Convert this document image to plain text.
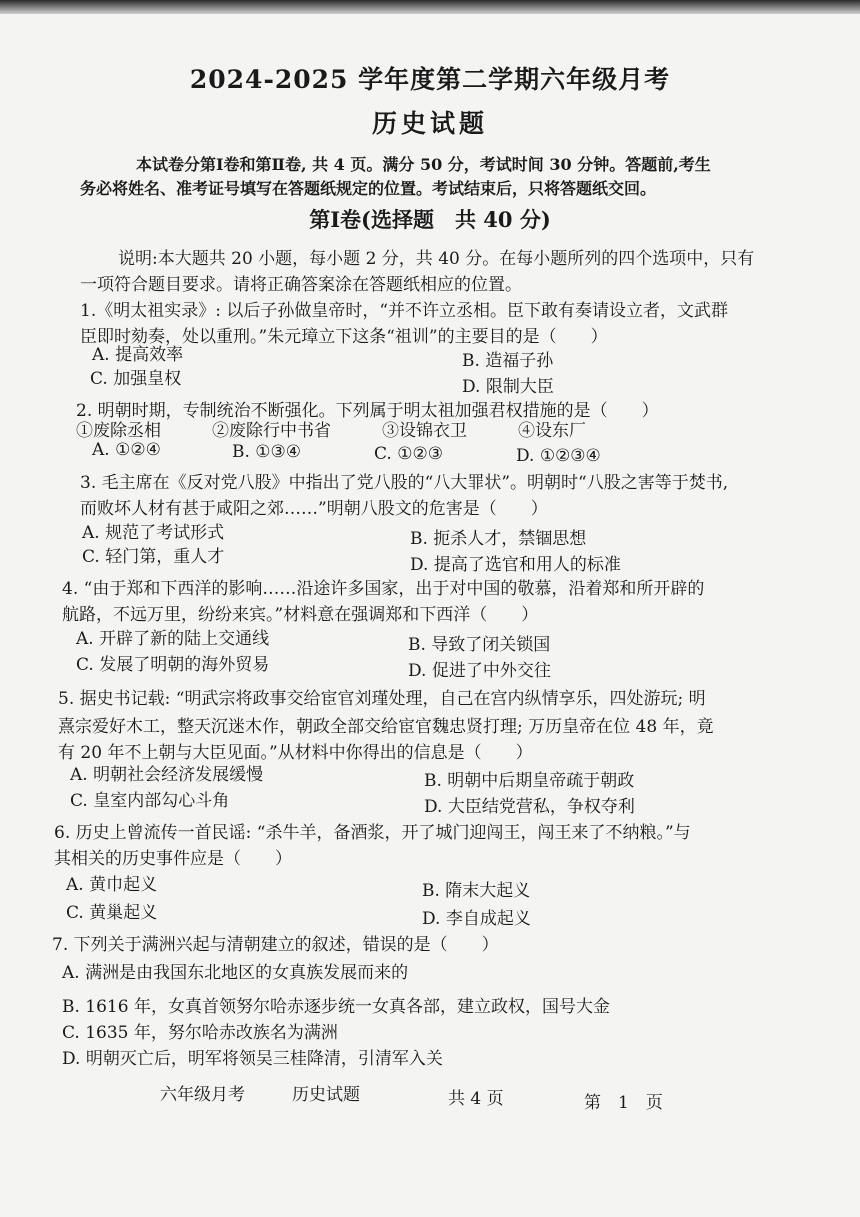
2024-2025 学年度第二学期六年级月考
历史试题
本试卷分第Ⅰ卷和第Ⅱ卷, 共 4 页。满分 50 分，考试时间 30 分钟。答题前,考生
务必将姓名、准考证号填写在答题纸规定的位置。考试结束后，只将答题纸交回。
第Ⅰ卷(选择题　共 40 分)
说明:本大题共 20 小题，每小题 2 分，共 40 分。在每小题所列的四个选项中，只有
一项符合题目要求。请将正确答案涂在答题纸相应的位置。
1.《明太祖实录》: 以后子孙做皇帝时，“并不许立丞相。臣下敢有奏请设立者，文武群
臣即时劾奏，处以重刑。”朱元璋立下这条“祖训”的主要目的是（　　）
A. 提高效率	B. 造福子孙
C. 加强皇权	D. 限制大臣
2. 明朝时期，专制统治不断强化。下列属于明太祖加强君权措施的是（　　）
①废除丞相　　　②废除行中书省　　　③设锦衣卫　　　④设东厂
A. ①②④	B. ①③④	C. ①②③	D. ①②③④
3. 毛主席在《反对党八股》中指出了党八股的“八大罪状”。明朝时“八股之害等于焚书,
而败坏人材有甚于咸阳之郊……”明朝八股文的危害是（　　）
A. 规范了考试形式	B. 扼杀人才，禁锢思想
C. 轻门第，重人才	D. 提高了选官和用人的标准
4. “由于郑和下西洋的影响……沿途许多国家，出于对中国的敬慕，沿着郑和所开辟的
航路，不远万里，纷纷来宾。”材料意在强调郑和下西洋（　　）
A. 开辟了新的陆上交通线	B. 导致了闭关锁国
C. 发展了明朝的海外贸易	D. 促进了中外交往
5. 据史书记载: “明武宗将政事交给宦官刘瑾处理，自己在宫内纵情享乐，四处游玩; 明
熹宗爱好木工，整天沉迷木作，朝政全部交给宦官魏忠贤打理; 万历皇帝在位 48 年，竟
有 20 年不上朝与大臣见面。”从材料中你得出的信息是（　　）
A. 明朝社会经济发展缓慢	B. 明朝中后期皇帝疏于朝政
C. 皇室内部勾心斗角	D. 大臣结党营私，争权夺利
6. 历史上曾流传一首民谣: “杀牛羊，备酒浆，开了城门迎闯王，闯王来了不纳粮。”与
其相关的历史事件应是（　　）
A. 黄巾起义	B. 隋末大起义
C. 黄巢起义	D. 李自成起义
7. 下列关于满洲兴起与清朝建立的叙述，错误的是（　　）
A. 满洲是由我国东北地区的女真族发展而来的
B. 1616 年，女真首领努尔哈赤逐步统一女真各部，建立政权，国号大金
C. 1635 年，努尔哈赤改族名为满洲
D. 明朝灭亡后，明军将领吴三桂降清，引清军入关
六年级月考	历史试题	共 4 页	第　1　页
